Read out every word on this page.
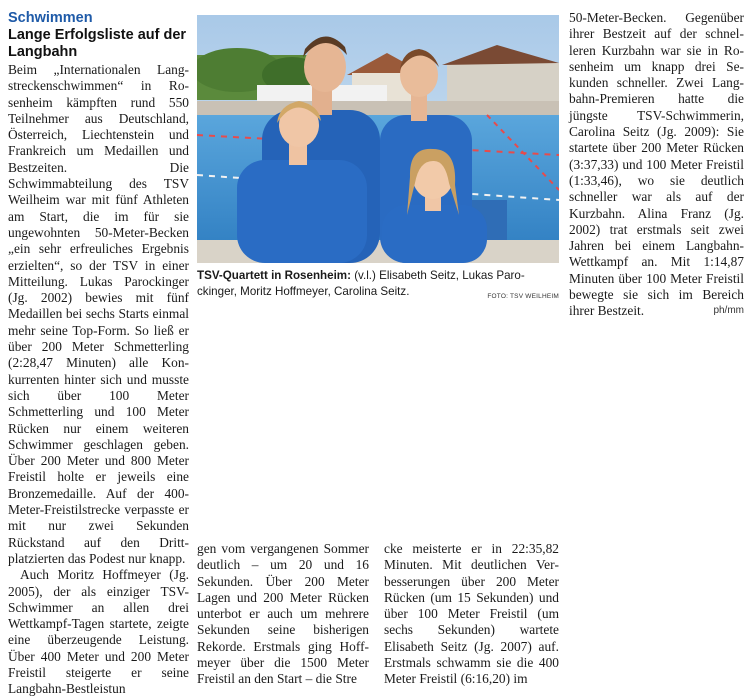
Schwimmen

Lange Erfolgsliste auf der Langbahn

Beim „Internationalen Langstreckenschwimmen“ in Rosenheim kämpften rund 550 Teilnehmer aus Deutschland, Österreich, Liechtenstein und Frankreich um Medaillen und Bestzeiten. Die Schwimmabteilung des TSV Weilheim war mit fünf Athleten am Start, die im für sie ungewohnten 50-Meter-Becken „ein sehr erfreuliches Ergebnis erzielten“, so der TSV in einer Mitteilung. Lukas Parockinger (Jg. 2002) bewies mit fünf Medaillen bei sechs Starts einmal mehr seine Top-Form. So ließ er über 200 Meter Schmetterling (2:28,47 Minuten) alle Konkurrenten hinter sich und musste sich über 100 Meter Schmetterling und 100 Meter Rücken nur einem weiteren Schwimmer geschlagen geben. Über 200 Meter und 800 Meter Freistil holte er jeweils eine Bronzemedaille. Auf der 400-Meter-Freistilstrecke verpasste er mit nur zwei Sekunden Rückstand auf den Drittplatzierten das Podest nur knapp.

Auch Moritz Hoffmeyer (Jg. 2005), der als einziger TSV-Schwimmer an allen drei Wettkampf-Tagen startete, zeigte eine überzeugende Leistung. Über 400 Meter und 200 Meter Freistil steigerte er seine Langbahn-Bestleistun

TSV-Quartett in Rosenheim: (v.l.) Elisabeth Seitz, Lukas Parockinger, Moritz Hoffmeyer, Carolina Seitz.	FOTO: TSV WEILHEIM

gen vom vergangenen Sommer deutlich – um 20 und 16 Sekunden. Über 200 Meter Lagen und 200 Meter Rücken unterbot er auch um mehrere Sekunden seine bisherigen Rekorde. Erstmals ging Hoffmeyer über die 1500 Meter Freistil an den Start – die Stre

cke meisterte er in 22:35,82 Minuten. Mit deutlichen Verbesserungen über 200 Meter Rücken (um 15 Sekunden) und über 100 Meter Freistil (um sechs Sekunden) wartete Elisabeth Seitz (Jg. 2007) auf. Erstmals schwamm sie die 400 Meter Freistil (6:16,20) im

50-Meter-Becken. Gegenüber ihrer Bestzeit auf der schnelleren Kurzbahn war sie in Rosenheim um knapp drei Sekunden schneller. Zwei Langbahn-Premieren hatte die jüngste TSV-Schwimmerin, Carolina Seitz (Jg. 2009): Sie startete über 200 Meter Rücken (3:37,33) und 100 Meter Freistil (1:33,46), wo sie deutlich schneller war als auf der Kurzbahn. Alina Franz (Jg. 2002) trat erstmals seit zwei Jahren bei einem Langbahn-Wettkampf an. Mit 1:14,87 Minuten über 100 Meter Freistil bewegte sie sich im Bereich ihrer Bestzeit.	ph/mm
